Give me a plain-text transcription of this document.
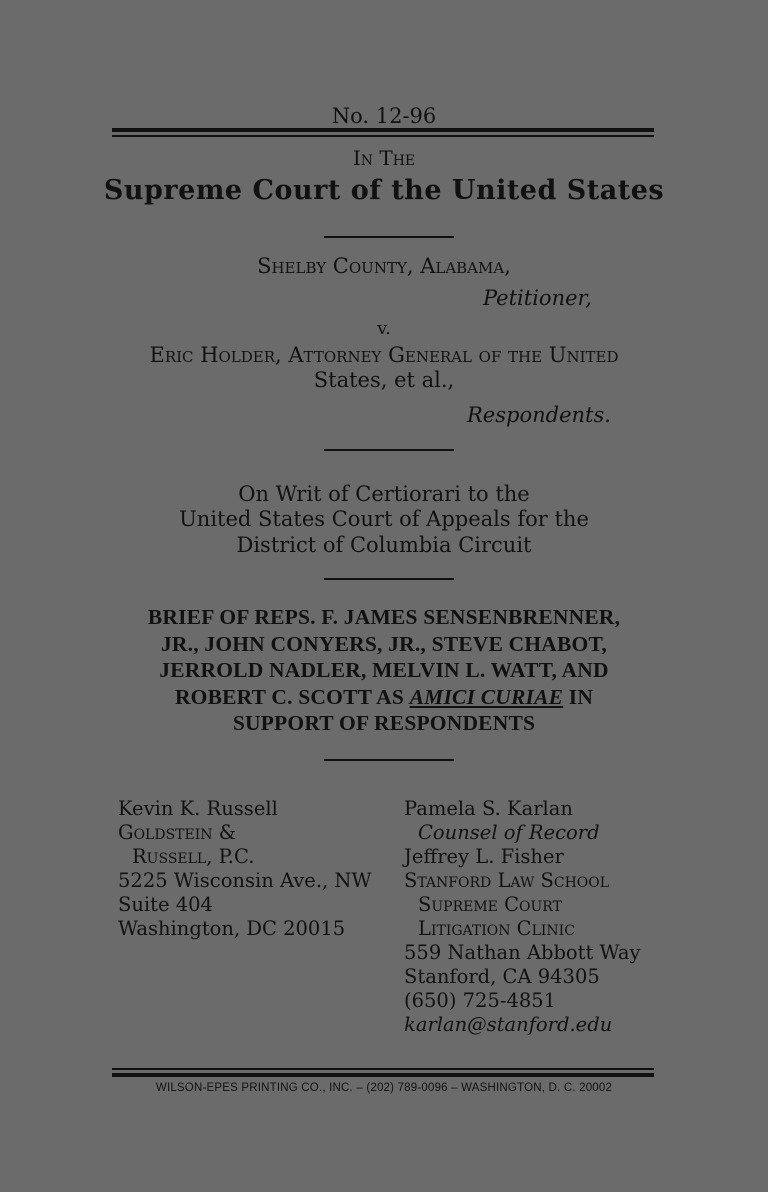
No. 12-96
In The
Supreme Court of the United States
Shelby County, Alabama,
Petitioner,
v.
Eric Holder, Attorney General of the United
States, et al.,
Respondents.
On Writ of Certiorari to the
United States Court of Appeals for the
District of Columbia Circuit
BRIEF OF REPS. F. JAMES SENSENBRENNER,
JR., JOHN CONYERS, JR., STEVE CHABOT,
JERROLD NADLER, MELVIN L. WATT, AND
ROBERT C. SCOTT AS AMICI CURIAE IN
SUPPORT OF RESPONDENTS
Kevin K. Russell
Goldstein &
Russell, P.C.
5225 Wisconsin Ave., NW
Suite 404
Washington, DC 20015
Pamela S. Karlan
Counsel of Record
Jeffrey L. Fisher
Stanford Law School
Supreme Court
Litigation Clinic
559 Nathan Abbott Way
Stanford, CA 94305
(650) 725-4851
karlan@stanford.edu
WILSON-EPES PRINTING CO., INC. – (202) 789-0096 – WASHINGTON, D. C. 20002
